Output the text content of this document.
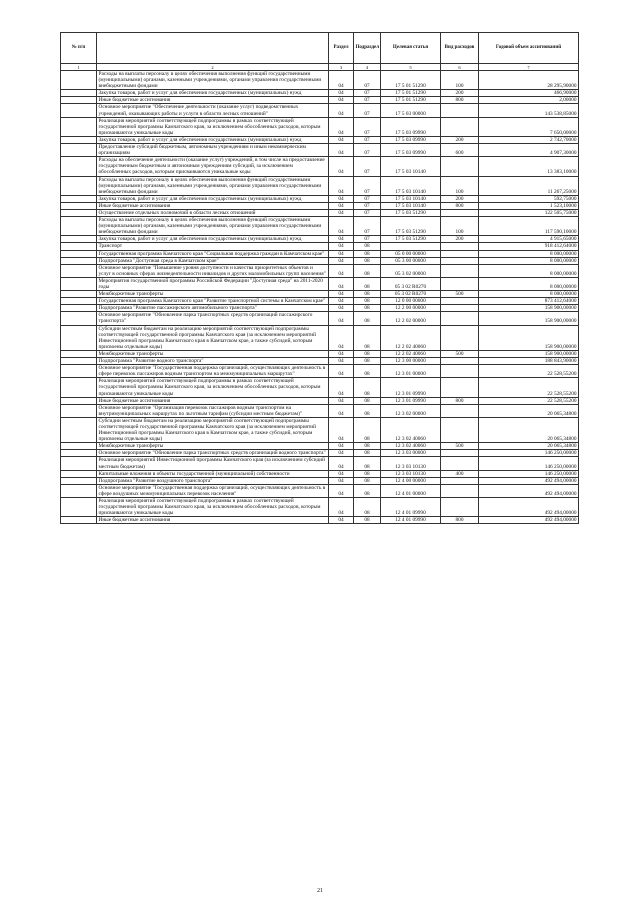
№ п/п		Раздел	Подраздел	Целевая статья	Вид расходов	Годовой объем ассигнований
1	2	3	4	5	6	7
	Расходы на выплаты персоналу в целях обеспечения выполнения функций государственными (муниципальными) органами, казенными учреждениями, органами управления государственными внебюджетными фондами	04	07	17 5 01 51290	100	28 295,90000
	Закупка товаров, работ и услуг для обеспечения государственных (муниципальных) нужд	04	07	17 5 01 51290	200	466,90000
	Иные бюджетные ассигнования	04	07	17 5 01 51290	800	2,00000
	Основное мероприятие "Обеспечение деятельности (оказание услуг) подведомственных учреждений, оказывающих работы и услуги в области лесных отношений"	04	07	17 5 03 00000		143 538,85000
	Реализация мероприятий соответствующей подпрограммы в рамках соответствующей государственной программы Камчатского края, за исключением обособленных расходов, которым присваиваются уникальные коды	04	07	17 5 03 09990		7 650,00000
	Закупка товаров, работ и услуг для обеспечения государственных (муниципальных) нужд	04	07	17 5 03 09990	200	2 742,70000
	Предоставление субсидий бюджетным, автономным учреждениям и иным некоммерческим организациям	04	07	17 5 03 09990	600	4 907,30000
	Расходы на обеспечение деятельности (оказание услуг) учреждений, в том числе на предоставление государственным бюджетным и автономным учреждениям субсидий, за исключением обособленных расходов, которым присваиваются уникальные коды	04	07	17 5 03 10140		13 383,10000
	Расходы на выплаты персоналу в целях обеспечения выполнения функций государственными (муниципальными) органами, казенными учреждениями, органами управления государственными внебюджетными фондами	04	07	17 5 03 10140	100	11 267,25000
	Закупка товаров, работ и услуг для обеспечения государственных (муниципальных) нужд	04	07	17 5 03 10140	200	592,75000
	Иные бюджетные ассигнования	04	07	17 5 03 10140	800	1 523,10000
	Осуществление отдельных полномочий в области лесных отношений	04	07	17 5 03 51290		122 505,75000
	Расходы на выплаты персоналу в целях обеспечения выполнения функций государственными (муниципальными) органами, казенными учреждениями, органами управления государственными внебюджетными фондами	04	07	17 5 03 51290	100	117 590,10000
	Закупка товаров, работ и услуг для обеспечения государственных (муниципальных) нужд	04	07	17 5 03 51290	200	4 915,65000
	Транспорт	04	08			918 412,64000
	Государственная программа Камчатского края "Социальная поддержка граждан в Камчатском крае"	04	08	05 0 00 00000		8 000,00000
	Подпрограмма "Доступная среда в Камчатском крае"	04	08	05 3 00 00000		8 000,00000
	Основное мероприятие "Повышение уровня доступности и качества приоритетных объектов и услуг в основных сферах жизнедеятельности инвалидов и других маломобильных групп населения"	04	08	05 3 02 00000		8 000,00000
	Мероприятия государственной программы Российской Федерации "Доступная среда" на 2011-2020 годы	04	08	05 3 02 R0270		8 000,00000
	Межбюджетные трансферты	04	08	05 3 02 R0270	500	8 000,00000
	Государственная программа Камчатского края "Развитие транспортной системы в Камчатском крае"	04	08	12 0 00 00000		873 412,64000
	Подпрограмма "Развитие пассажирского автомобильного транспорта"	04	08	12 2 00 00000		158 900,00000
	Основное мероприятие "Обновление парка транспортных средств организаций пассажирского транспорта"	04	08	12 2 02 00000		158 900,00000
	Субсидии местным бюджетам на реализацию мероприятий соответствующей подпрограммы соответствующей государственной программы Камчатского края (за исключением мероприятий Инвестиционной программы Камчатского края в Камчатском крае, а также субсидий, которым присвоены отдельные коды)	04	08	12 2 02 40060		158 900,00000
	Межбюджетные трансферты	04	08	12 2 02 40060	500	158 900,00000
	Подпрограмма "Развитие водного транспорта"	04	08	12 3 00 00000		188 843,90000
	Основное мероприятие "Государственная поддержка организаций, осуществляющих деятельность в сфере перевозок пассажиров водным транспортом на межмуниципальных маршрутах"	04	08	12 3 01 00000		22 528,55200
	Реализация мероприятий соответствующей подпрограммы в рамках соответствующей государственной программы Камчатского края, за исключением обособленных расходов, которым присваиваются уникальные коды	04	08	12 3 01 09990		22 528,55200
	Иные бюджетные ассигнования	04	08	12 3 01 09990	800	22 528,55200
	Основное мероприятие "Организация перевозок пассажиров водным транспортом на внутримуниципальных маршрутах по льготным тарифам (субсидии местным бюджетам)"	04	08	12 3 02 00000		20 065,34800
	Субсидии местным бюджетам на реализацию мероприятий соответствующей подпрограммы соответствующей государственной программы Камчатского края (за исключением мероприятий Инвестиционной программы Камчатского края в Камчатском крае, а также субсидий, которым присвоены отдельные коды)	04	08	12 3 02 40060		20 065,34800
	Межбюджетные трансферты	04	08	12 3 02 40060	500	20 065,34800
	Основное мероприятие "Обновление парка транспортных средств организаций водного транспорта"	04	08	12 3 03 00000		146 250,00000
	Реализация мероприятий Инвестиционной программы Камчатского края (за исключением субсидий местным бюджетам)	04	08	12 3 03 10130		146 250,00000
	Капитальные вложения в объекты государственной (муниципальной) собственности	04	08	12 3 03 10130	400	146 250,00000
	Подпрограмма "Развитие воздушного транспорта"	04	08	12 4 00 00000		492 494,00000
	Основное мероприятие "Государственная поддержка организаций, осуществляющих деятельность в сфере воздушных межмуниципальных перевозок населения"	04	08	12 4 01 00000		492 494,00000
	Реализация мероприятий соответствующей подпрограммы в рамках соответствующей государственной программы Камчатского края, за исключением обособленных расходов, которым присваиваются уникальные коды	04	08	12 4 01 09990		492 494,00000
	Иные бюджетные ассигнования	04	08	12 4 01 09990	800	492 494,00000
21
